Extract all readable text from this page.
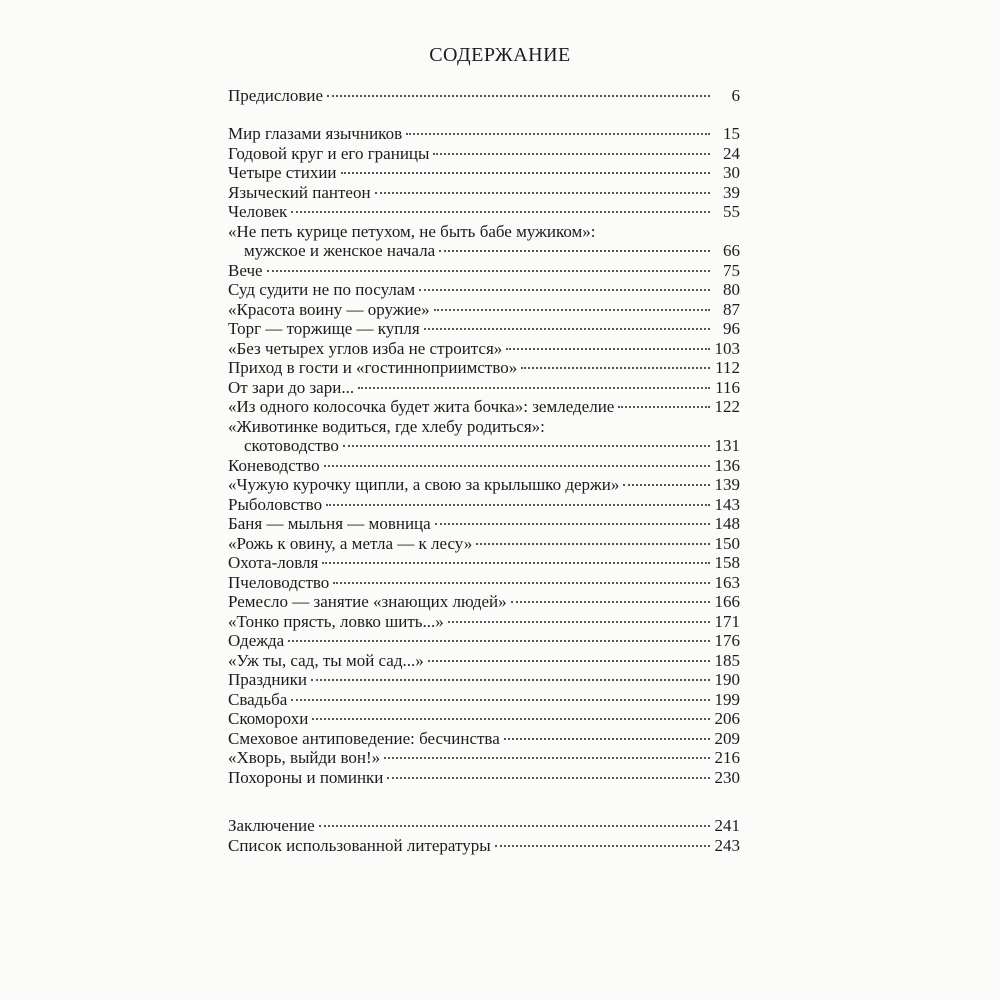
СОДЕРЖАНИЕ
Предисловие	6
Мир глазами язычников	15
Годовой круг и его границы	24
Четыре стихии	30
Языческий пантеон	39
Человек	55
«Не петь курице петухом, не быть бабе мужиком»:
мужское и женское начала	66
Вече	75
Суд судити не по посулам	80
«Красота воину — оружие»	87
Торг — торжище — купля	96
«Без четырех углов изба не строится»	103
Приход в гости и «гостинноприимство»	112
От зари до зари...	116
«Из одного колосочка будет жита бочка»: земледелие	122
«Животинке водиться, где хлебу родиться»:
скотоводство	131
Коневодство	136
«Чужую курочку щипли, а свою за крылышко держи»	139
Рыболовство	143
Баня — мыльня — мовница	148
«Рожь к овину, а метла — к лесу»	150
Охота-ловля	158
Пчеловодство	163
Ремесло — занятие «знающих людей»	166
«Тонко прясть, ловко шить...»	171
Одежда	176
«Уж ты, сад, ты мой сад...»	185
Праздники	190
Свадьба	199
Скоморохи	206
Смеховое антиповедение: бесчинства	209
«Хворь, выйди вон!»	216
Похороны и поминки	230
Заключение	241
Список использованной литературы	243
